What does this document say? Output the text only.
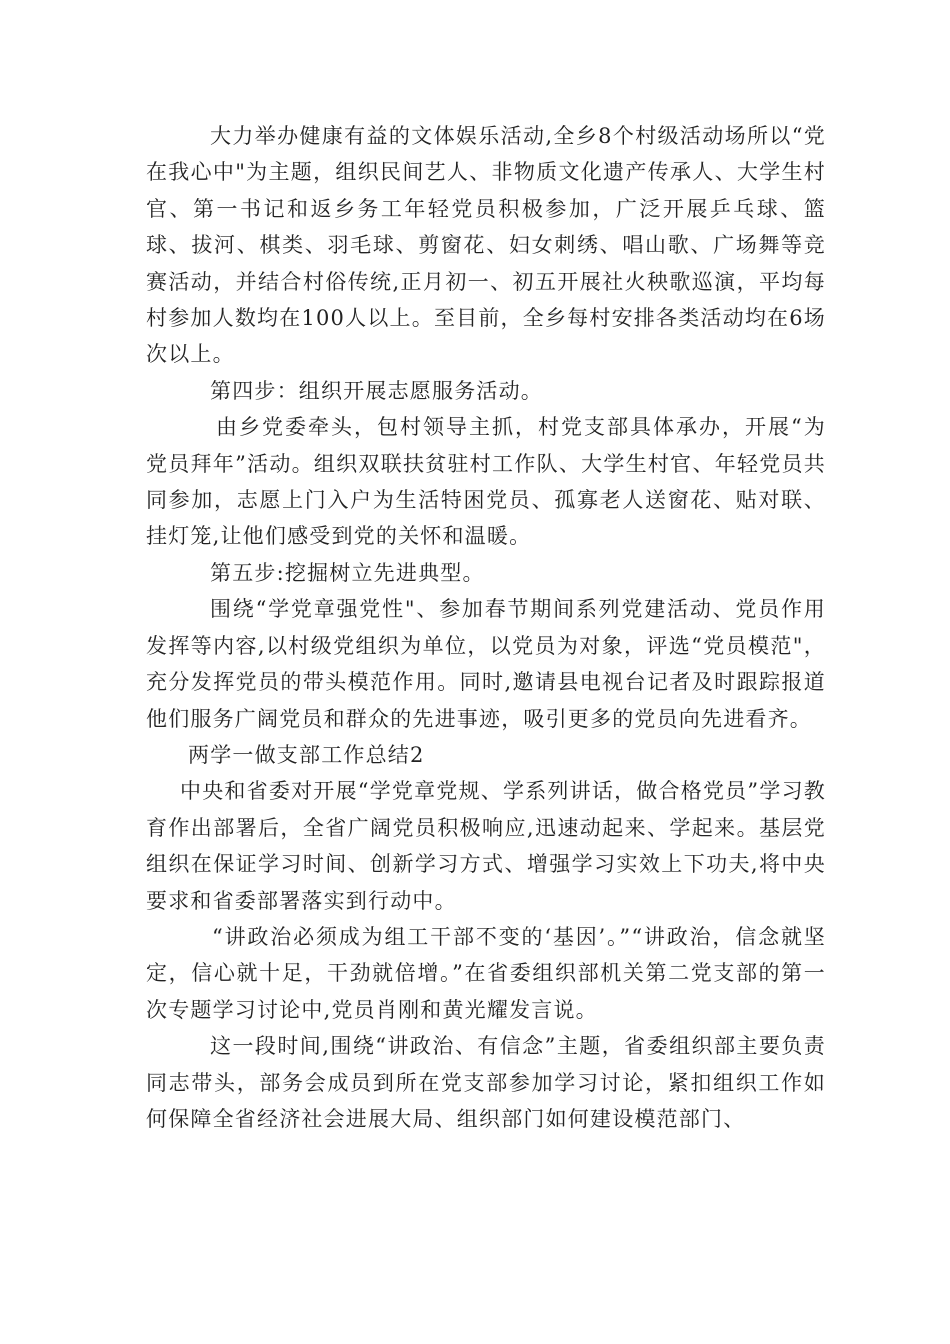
大力举办健康有益的文体娱乐活动,全乡8个村级活动场所以“党在我心中"为主题，组织民间艺人、非物质文化遗产传承人、大学生村官、第一书记和返乡务工年轻党员积极参加，广泛开展乒乓球、篮球、拔河、棋类、羽毛球、剪窗花、妇女刺绣、唱山歌、广场舞等竞赛活动，并结合村俗传统,正月初一、初五开展社火秧歌巡演，平均每村参加人数均在100人以上。至目前，全乡每村安排各类活动均在6场次以上。

第四步：组织开展志愿服务活动。

由乡党委牵头，包村领导主抓，村党支部具体承办，开展“为党员拜年”活动。组织双联扶贫驻村工作队、大学生村官、年轻党员共同参加，志愿上门入户为生活特困党员、孤寡老人送窗花、贴对联、挂灯笼,让他们感受到党的关怀和温暖。

第五步:挖掘树立先进典型。

围绕“学党章强党性"、参加春节期间系列党建活动、党员作用发挥等内容,以村级党组织为单位，以党员为对象，评选“党员模范"，充分发挥党员的带头模范作用。同时,邀请县电视台记者及时跟踪报道他们服务广阔党员和群众的先进事迹，吸引更多的党员向先进看齐。

两学一做支部工作总结2

中央和省委对开展“学党章党规、学系列讲话，做合格党员”学习教育作出部署后，全省广阔党员积极响应,迅速动起来、学起来。基层党组织在保证学习时间、创新学习方式、增强学习实效上下功夫,将中央要求和省委部署落实到行动中。

“讲政治必须成为组工干部不变的‘基因’。”“讲政治，信念就坚定，信心就十足，干劲就倍增。”在省委组织部机关第二党支部的第一次专题学习讨论中,党员肖刚和黄光耀发言说。

这一段时间,围绕“讲政治、有信念”主题，省委组织部主要负责同志带头，部务会成员到所在党支部参加学习讨论，紧扣组织工作如何保障全省经济社会进展大局、组织部门如何建设模范部门、
